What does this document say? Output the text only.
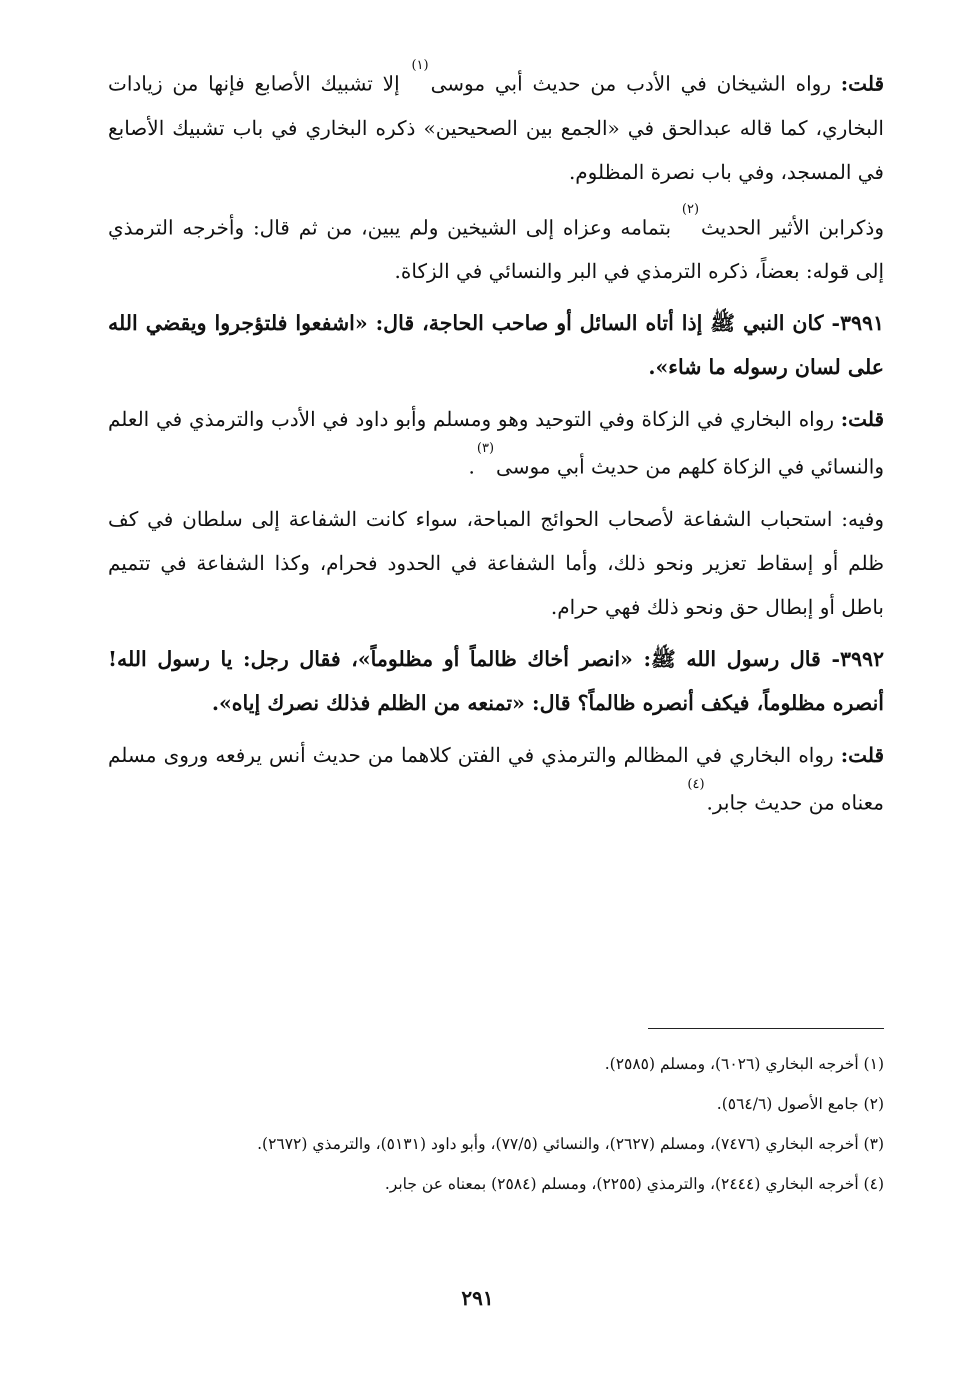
قلت: رواه الشيخان في الأدب من حديث أبي موسى$^{(١)}$ إلا تشبيك الأصابع فإنها من زيادات البخاري، كما قاله عبدالحق في «الجمع بين الصحيحين» ذكره البخاري في باب تشبيك الأصابع في المسجد، وفي باب نصرة المظلوم.

وذكرابن الأثير الحديث$^{(٢)}$ بتمامه وعزاه إلى الشيخين ولم يبين، من ثم قال: وأخرجه الترمذي إلى قوله: بعضاً، ذكره الترمذي في البر والنسائي في الزكاة.

٣٩٩١- كان النبي ﷺ إذا أتاه السائل أو صاحب الحاجة، قال: «اشفعوا فلتؤجروا ويقضي الله على لسان رسوله ما شاء».

قلت: رواه البخاري في الزكاة وفي التوحيد وهو ومسلم وأبو داود في الأدب والترمذي في العلم والنسائي في الزكاة كلهم من حديث أبي موسى$^{(٣)}$.

وفيه: استحباب الشفاعة لأصحاب الحوائج المباحة، سواء كانت الشفاعة إلى سلطان في كف ظلم أو إسقاط تعزير ونحو ذلك، وأما الشفاعة في الحدود فحرام، وكذا الشفاعة في تتميم باطل أو إبطال حق ونحو ذلك فهي حرام.

٣٩٩٢- قال رسول الله ﷺ: «انصر أخاك ظالماً أو مظلوماً»، فقال رجل: يا رسول الله! أنصره مظلوماً، فيكف أنصره ظالماً؟ قال: «تمنعه من الظلم فذلك نصرك إياه».

قلت: رواه البخاري في المظالم والترمذي في الفتن كلاهما من حديث أنس يرفعه وروى مسلم معناه من حديث جابر.$^{(٤)}$

(١) أخرجه البخاري (٦٠٢٦)، ومسلم (٢٥٨٥).

(٢) جامع الأصول (٥٦٤/٦).

(٣) أخرجه البخاري (٧٤٧٦)، ومسلم (٢٦٢٧)، والنسائي (٧٧/٥)، وأبو داود (٥١٣١)، والترمذي (٢٦٧٢).

(٤) أخرجه البخاري (٢٤٤٤)، والترمذي (٢٢٥٥)، ومسلم (٢٥٨٤) بمعناه عن جابر.

٢٩١
